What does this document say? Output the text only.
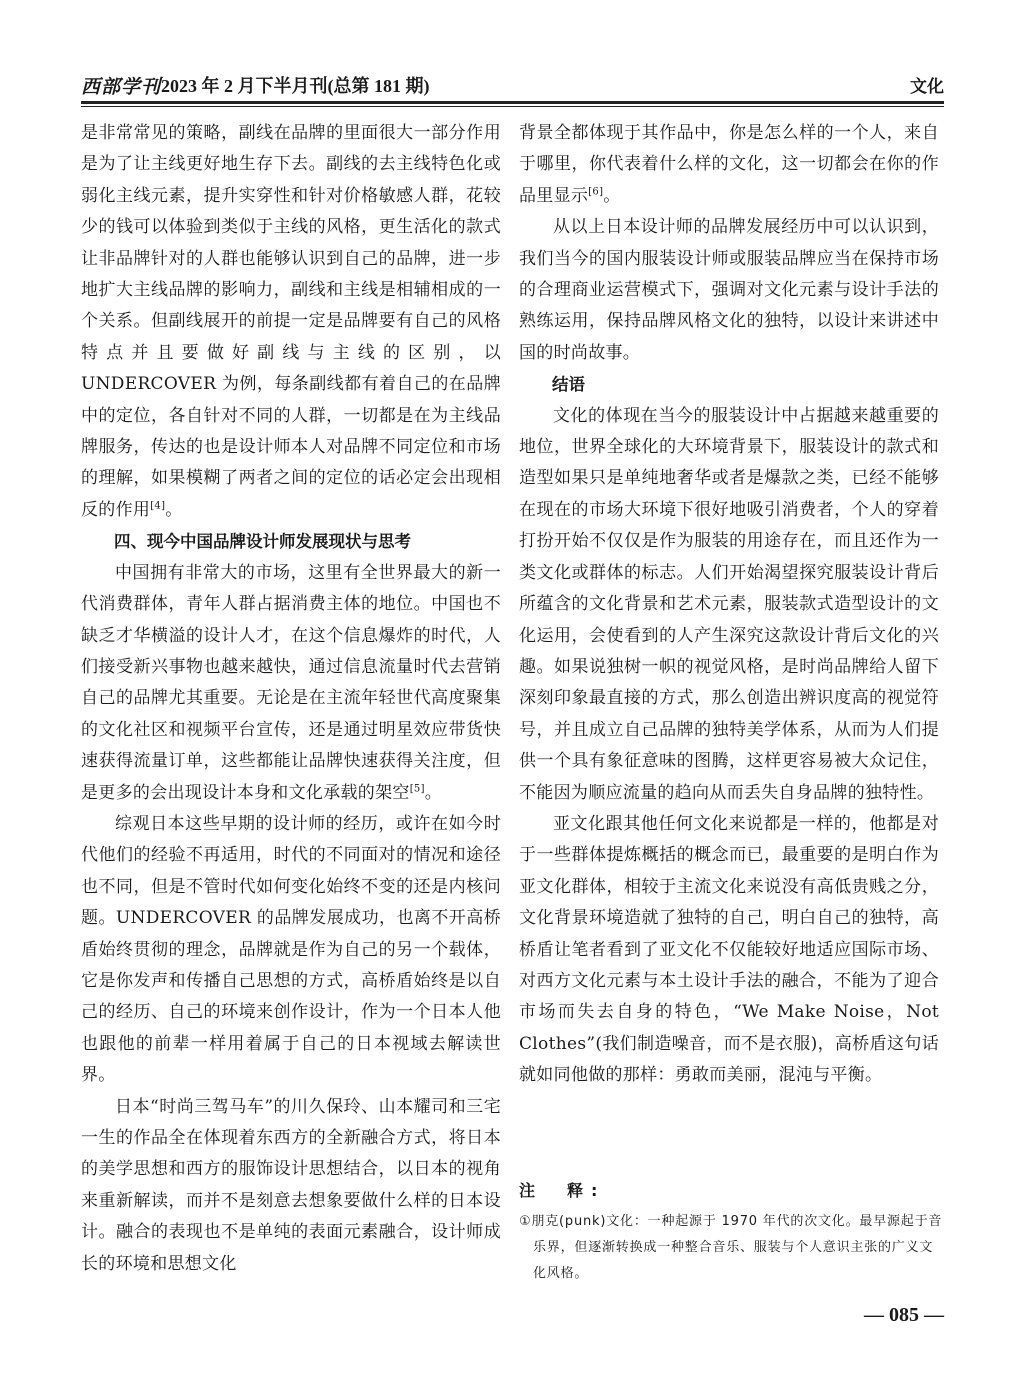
西部学刊 2023 年 2 月下半月刊(总第 181 期)	文化

是非常常见的策略，副线在品牌的里面很大一部分作用是为了让主线更好地生存下去。副线的去主线特色化或弱化主线元素，提升实穿性和针对价格敏感人群，花较少的钱可以体验到类似于主线的风格，更生活化的款式让非品牌针对的人群也能够认识到自己的品牌，进一步地扩大主线品牌的影响力，副线和主线是相辅相成的一个关系。但副线展开的前提一定是品牌要有自己的风格特点并且要做好副线与主线的区别，以 UNDERCOVER 为例，每条副线都有着自己的在品牌中的定位，各自针对不同的人群，一切都是在为主线品牌服务，传达的也是设计师本人对品牌不同定位和市场的理解，如果模糊了两者之间的定位的话必定会出现相反的作用[4]。

四、现今中国品牌设计师发展现状与思考

中国拥有非常大的市场，这里有全世界最大的新一代消费群体，青年人群占据消费主体的地位。中国也不缺乏才华横溢的设计人才，在这个信息爆炸的时代，人们接受新兴事物也越来越快，通过信息流量时代去营销自己的品牌尤其重要。无论是在主流年轻世代高度聚集的文化社区和视频平台宣传，还是通过明星效应带货快速获得流量订单，这些都能让品牌快速获得关注度，但是更多的会出现设计本身和文化承载的架空[5]。

综观日本这些早期的设计师的经历，或许在如今时代他们的经验不再适用，时代的不同面对的情况和途径也不同，但是不管时代如何变化始终不变的还是内核问题。UNDERCOVER 的品牌发展成功，也离不开高桥盾始终贯彻的理念，品牌就是作为自己的另一个载体，它是你发声和传播自己思想的方式，高桥盾始终是以自己的经历、自己的环境来创作设计，作为一个日本人他也跟他的前辈一样用着属于自己的日本视域去解读世界。

日本“时尚三驾马车”的川久保玲、山本耀司和三宅一生的作品全在体现着东西方的全新融合方式，将日本的美学思想和西方的服饰设计思想结合，以日本的视角来重新解读，而并不是刻意去想象要做什么样的日本设计。融合的表现也不是单纯的表面元素融合，设计师成长的环境和思想文化

背景全都体现于其作品中，你是怎么样的一个人，来自于哪里，你代表着什么样的文化，这一切都会在你的作品里显示[6]。

从以上日本设计师的品牌发展经历中可以认识到，我们当今的国内服装设计师或服装品牌应当在保持市场的合理商业运营模式下，强调对文化元素与设计手法的熟练运用，保持品牌风格文化的独特，以设计来讲述中国的时尚故事。

结语

文化的体现在当今的服装设计中占据越来越重要的地位，世界全球化的大环境背景下，服装设计的款式和造型如果只是单纯地奢华或者是爆款之类，已经不能够在现在的市场大环境下很好地吸引消费者，个人的穿着打扮开始不仅仅是作为服装的用途存在，而且还作为一类文化或群体的标志。人们开始渴望探究服装设计背后所蕴含的文化背景和艺术元素，服装款式造型设计的文化运用，会使看到的人产生深究这款设计背后文化的兴趣。如果说独树一帜的视觉风格，是时尚品牌给人留下深刻印象最直接的方式，那么创造出辨识度高的视觉符号，并且成立自己品牌的独特美学体系，从而为人们提供一个具有象征意味的图腾，这样更容易被大众记住，不能因为顺应流量的趋向从而丢失自身品牌的独特性。

亚文化跟其他任何文化来说都是一样的，他都是对于一些群体提炼概括的概念而已，最重要的是明白作为亚文化群体，相较于主流文化来说没有高低贵贱之分，文化背景环境造就了独特的自己，明白自己的独特，高桥盾让笔者看到了亚文化不仅能较好地适应国际市场、对西方文化元素与本土设计手法的融合，不能为了迎合市场而失去自身的特色，“We Make Noise，Not Clothes”(我们制造噪音，而不是衣服)，高桥盾这句话就如同他做的那样：勇敢而美丽，混沌与平衡。

注　释:

①朋克(punk)文化：一种起源于 1970 年代的次文化。最早源起于音乐界，但逐渐转换成一种整合音乐、服装与个人意识主张的广义文化风格。

— 085 —
